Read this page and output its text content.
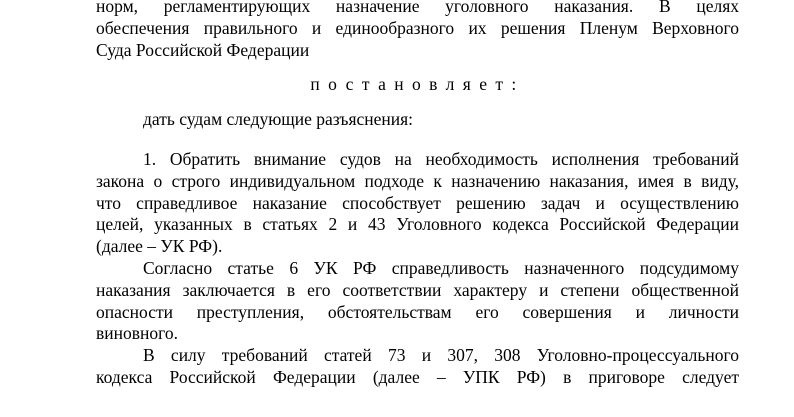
норм, регламентирующих назначение уголовного наказания. В целях
обеспечения правильного и единообразного их решения Пленум Верховного
Суда Российской Федерации
постановляет:
дать судам следующие разъяснения:
1. Обратить внимание судов на необходимость исполнения требований
закона о строго индивидуальном подходе к назначению наказания, имея в виду,
что справедливое наказание способствует решению задач и осуществлению
целей, указанных в статьях 2 и 43 Уголовного кодекса Российской Федерации
(далее – УК РФ).
Согласно статье 6 УК РФ справедливость назначенного подсудимому
наказания заключается в его соответствии характеру и степени общественной
опасности преступления, обстоятельствам его совершения и личности
виновного.
В силу требований статей 73 и 307, 308 Уголовно-процессуального
кодекса Российской Федерации (далее – УПК РФ) в приговоре следует
